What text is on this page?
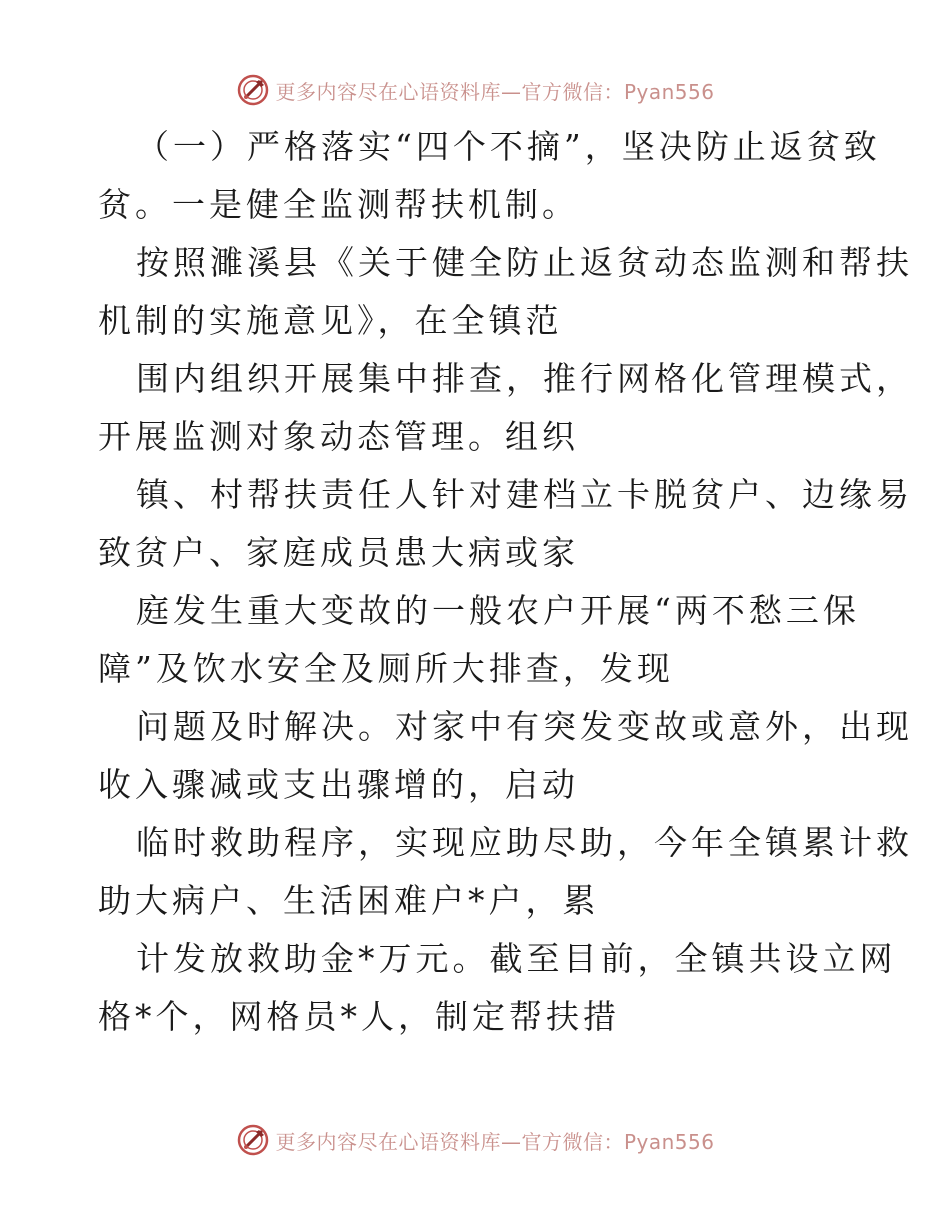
更多内容尽在心语资料库—官方微信：Pyan556
（一）严格落实“四个不摘”，坚决防止返贫致
贫。一是健全监测帮扶机制。
按照濉溪县《关于健全防止返贫动态监测和帮扶
机制的实施意见》，在全镇范
围内组织开展集中排查，推行网格化管理模式，
开展监测对象动态管理。组织
镇、村帮扶责任人针对建档立卡脱贫户、边缘易
致贫户、家庭成员患大病或家
庭发生重大变故的一般农户开展“两不愁三保
障”及饮水安全及厕所大排查，发现
问题及时解决。对家中有突发变故或意外，出现
收入骤减或支出骤增的，启动
临时救助程序，实现应助尽助，今年全镇累计救
助大病户、生活困难户*户，累
计发放救助金*万元。截至目前，全镇共设立网
格*个，网格员*人，制定帮扶措
更多内容尽在心语资料库—官方微信：Pyan556
